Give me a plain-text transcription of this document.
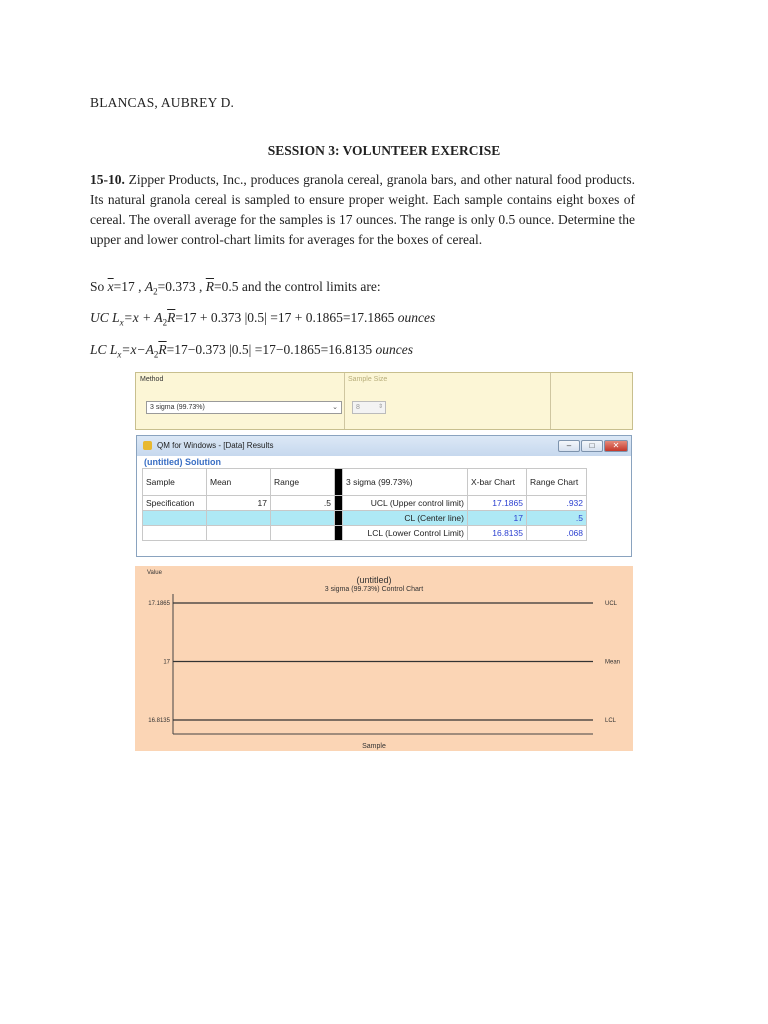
BLANCAS, AUBREY D.
SESSION 3: VOLUNTEER EXERCISE
15-10. Zipper Products, Inc., produces granola cereal, granola bars, and other natural food products. Its natural granola cereal is sampled to ensure proper weight. Each sample contains eight boxes of cereal. The overall average for the samples is 17 ounces. The range is only 0.5 ounce. Determine the upper and lower control-chart limits for averages for the boxes of cereal.
So $\overline{x}=17$ , $A_2=0.373$ , $\overline{R}=0.5$ and the control limits are:
UC $L_x=x + A_2\overline{R}=17 + 0.373$ |0.5| =17 + 0.1865=17.1865 ounces
LC $L_x=x-A_2\overline{R}=17-0.373$ |0.5| =17−0.1865=16.8135 ounces
Method
3 sigma (99.73%)	⌄
Sample Size
8	⇕
QM for Windows - [Data] Results	–	□	✕
(untitled) Solution
Sample	Mean	Range		3 sigma (99.73%)	X-bar Chart	Range Chart
Specification	17	.5		UCL (Upper control limit)	17.1865	.932
				CL (Center line)	17	.5
				LCL (Lower Control Limit)	16.8135	.068
17.1865	UCL
17	Mean
16.8135	LCL
Value
(untitled)
3 sigma (99.73%) Control Chart
Sample
